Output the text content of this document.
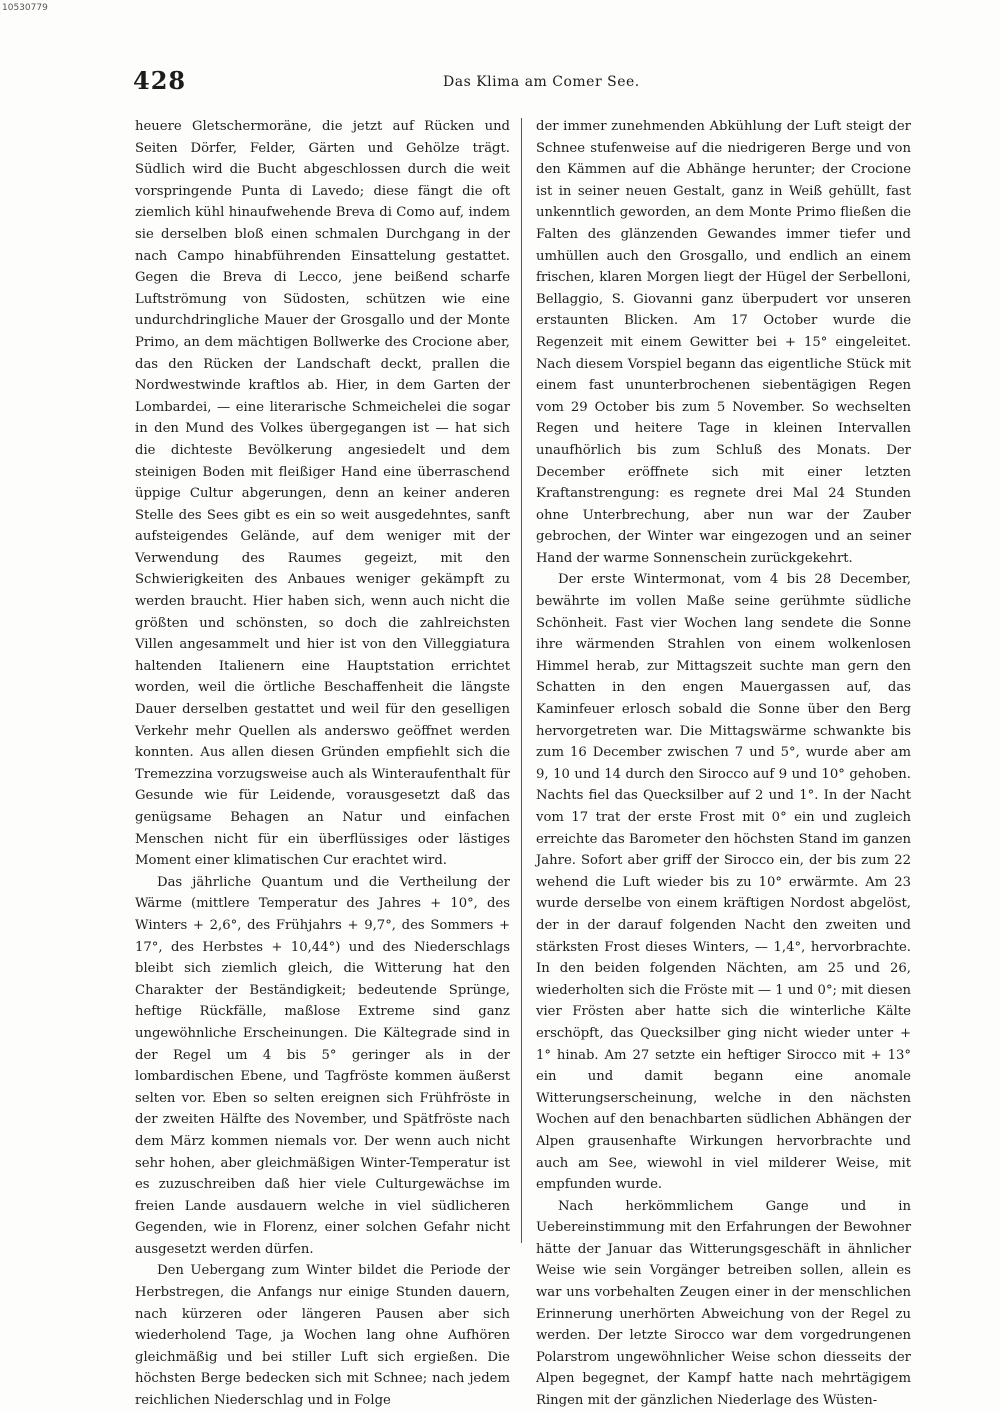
10530779
428	Das Klima am Comer See.

heuere Gletschermoräne, die jetzt auf Rücken und Seiten Dörfer, Felder, Gärten und Gehölze trägt. Südlich wird die Bucht abgeschlossen durch die weit vorspringende Punta di Lavedo; diese fängt die oft ziemlich kühl hinaufwehende Breva di Como auf, indem sie derselben bloß einen schmalen Durchgang in der nach Campo hinabführenden Einsattelung gestattet. Gegen die Breva di Lecco, jene beißend scharfe Luftströmung von Südosten, schützen wie eine undurchdringliche Mauer der Grosgallo und der Monte Primo, an dem mächtigen Bollwerke des Crocione aber, das den Rücken der Landschaft deckt, prallen die Nordwestwinde kraftlos ab. Hier, in dem Garten der Lombardei, — eine literarische Schmeichelei die sogar in den Mund des Volkes übergegangen ist — hat sich die dichteste Bevölkerung angesiedelt und dem steinigen Boden mit fleißiger Hand eine überraschend üppige Cultur abgerungen, denn an keiner anderen Stelle des Sees gibt es ein so weit ausgedehntes, sanft aufsteigendes Gelände, auf dem weniger mit der Verwendung des Raumes gegeizt, mit den Schwierigkeiten des Anbaues weniger gekämpft zu werden braucht. Hier haben sich, wenn auch nicht die größten und schönsten, so doch die zahlreichsten Villen angesammelt und hier ist von den Villeggiatura haltenden Italienern eine Hauptstation errichtet worden, weil die örtliche Beschaffenheit die längste Dauer derselben gestattet und weil für den geselligen Verkehr mehr Quellen als anderswo geöffnet werden konnten. Aus allen diesen Gründen empfiehlt sich die Tremezzina vorzugsweise auch als Winteraufenthalt für Gesunde wie für Leidende, vorausgesetzt daß das genügsame Behagen an Natur und einfachen Menschen nicht für ein überflüssiges oder lästiges Moment einer klimatischen Cur erachtet wird.

Das jährliche Quantum und die Vertheilung der Wärme (mittlere Temperatur des Jahres + 10°, des Winters + 2,6°, des Frühjahrs + 9,7°, des Sommers + 17°, des Herbstes + 10,44°) und des Niederschlags bleibt sich ziemlich gleich, die Witterung hat den Charakter der Beständigkeit; bedeutende Sprünge, heftige Rückfälle, maßlose Extreme sind ganz ungewöhnliche Erscheinungen. Die Kältegrade sind in der Regel um 4 bis 5° geringer als in der lombardischen Ebene, und Tagfröste kommen äußerst selten vor. Eben so selten ereignen sich Frühfröste in der zweiten Hälfte des November, und Spätfröste nach dem März kommen niemals vor. Der wenn auch nicht sehr hohen, aber gleichmäßigen Winter-Temperatur ist es zuzuschreiben daß hier viele Culturgewächse im freien Lande ausdauern welche in viel südlicheren Gegenden, wie in Florenz, einer solchen Gefahr nicht ausgesetzt werden dürfen.

Den Uebergang zum Winter bildet die Periode der Herbstregen, die Anfangs nur einige Stunden dauern, nach kürzeren oder längeren Pausen aber sich wiederholend Tage, ja Wochen lang ohne Aufhören gleichmäßig und bei stiller Luft sich ergießen. Die höchsten Berge bedecken sich mit Schnee; nach jedem reichlichen Niederschlag und in Folge

der immer zunehmenden Abkühlung der Luft steigt der Schnee stufenweise auf die niedrigeren Berge und von den Kämmen auf die Abhänge herunter; der Crocione ist in seiner neuen Gestalt, ganz in Weiß gehüllt, fast unkenntlich geworden, an dem Monte Primo fließen die Falten des glänzenden Gewandes immer tiefer und umhüllen auch den Grosgallo, und endlich an einem frischen, klaren Morgen liegt der Hügel der Serbelloni, Bellaggio, S. Giovanni ganz überpudert vor unseren erstaunten Blicken. Am 17 October wurde die Regenzeit mit einem Gewitter bei + 15° eingeleitet. Nach diesem Vorspiel begann das eigentliche Stück mit einem fast ununterbrochenen siebentägigen Regen vom 29 October bis zum 5 November. So wechselten Regen und heitere Tage in kleinen Intervallen unaufhörlich bis zum Schluß des Monats. Der December eröffnete sich mit einer letzten Kraftanstrengung: es regnete drei Mal 24 Stunden ohne Unterbrechung, aber nun war der Zauber gebrochen, der Winter war eingezogen und an seiner Hand der warme Sonnenschein zurückgekehrt.

Der erste Wintermonat, vom 4 bis 28 December, bewährte im vollen Maße seine gerühmte südliche Schönheit. Fast vier Wochen lang sendete die Sonne ihre wärmenden Strahlen von einem wolkenlosen Himmel herab, zur Mittagszeit suchte man gern den Schatten in den engen Mauergassen auf, das Kaminfeuer erlosch sobald die Sonne über den Berg hervorgetreten war. Die Mittagswärme schwankte bis zum 16 December zwischen 7 und 5°, wurde aber am 9, 10 und 14 durch den Sirocco auf 9 und 10° gehoben. Nachts fiel das Quecksilber auf 2 und 1°. In der Nacht vom 17 trat der erste Frost mit 0° ein und zugleich erreichte das Barometer den höchsten Stand im ganzen Jahre. Sofort aber griff der Sirocco ein, der bis zum 22 wehend die Luft wieder bis zu 10° erwärmte. Am 23 wurde derselbe von einem kräftigen Nordost abgelöst, der in der darauf folgenden Nacht den zweiten und stärksten Frost dieses Winters, — 1,4°, hervorbrachte. In den beiden folgenden Nächten, am 25 und 26, wiederholten sich die Fröste mit — 1 und 0°; mit diesen vier Frösten aber hatte sich die winterliche Kälte erschöpft, das Quecksilber ging nicht wieder unter + 1° hinab. Am 27 setzte ein heftiger Sirocco mit + 13° ein und damit begann eine anomale Witterungserscheinung, welche in den nächsten Wochen auf den benachbarten südlichen Abhängen der Alpen grausenhafte Wirkungen hervorbrachte und auch am See, wiewohl in viel milderer Weise, mit empfunden wurde.

Nach herkömmlichem Gange und in Uebereinstimmung mit den Erfahrungen der Bewohner hätte der Januar das Witterungsgeschäft in ähnlicher Weise wie sein Vorgänger betreiben sollen, allein es war uns vorbehalten Zeugen einer in der menschlichen Erinnerung unerhörten Abweichung von der Regel zu werden. Der letzte Sirocco war dem vorgedrungenen Polarstrom ungewöhnlicher Weise schon diesseits der Alpen begegnet, der Kampf hatte nach mehrtägigem Ringen mit der gänzlichen Niederlage des Wüsten-
